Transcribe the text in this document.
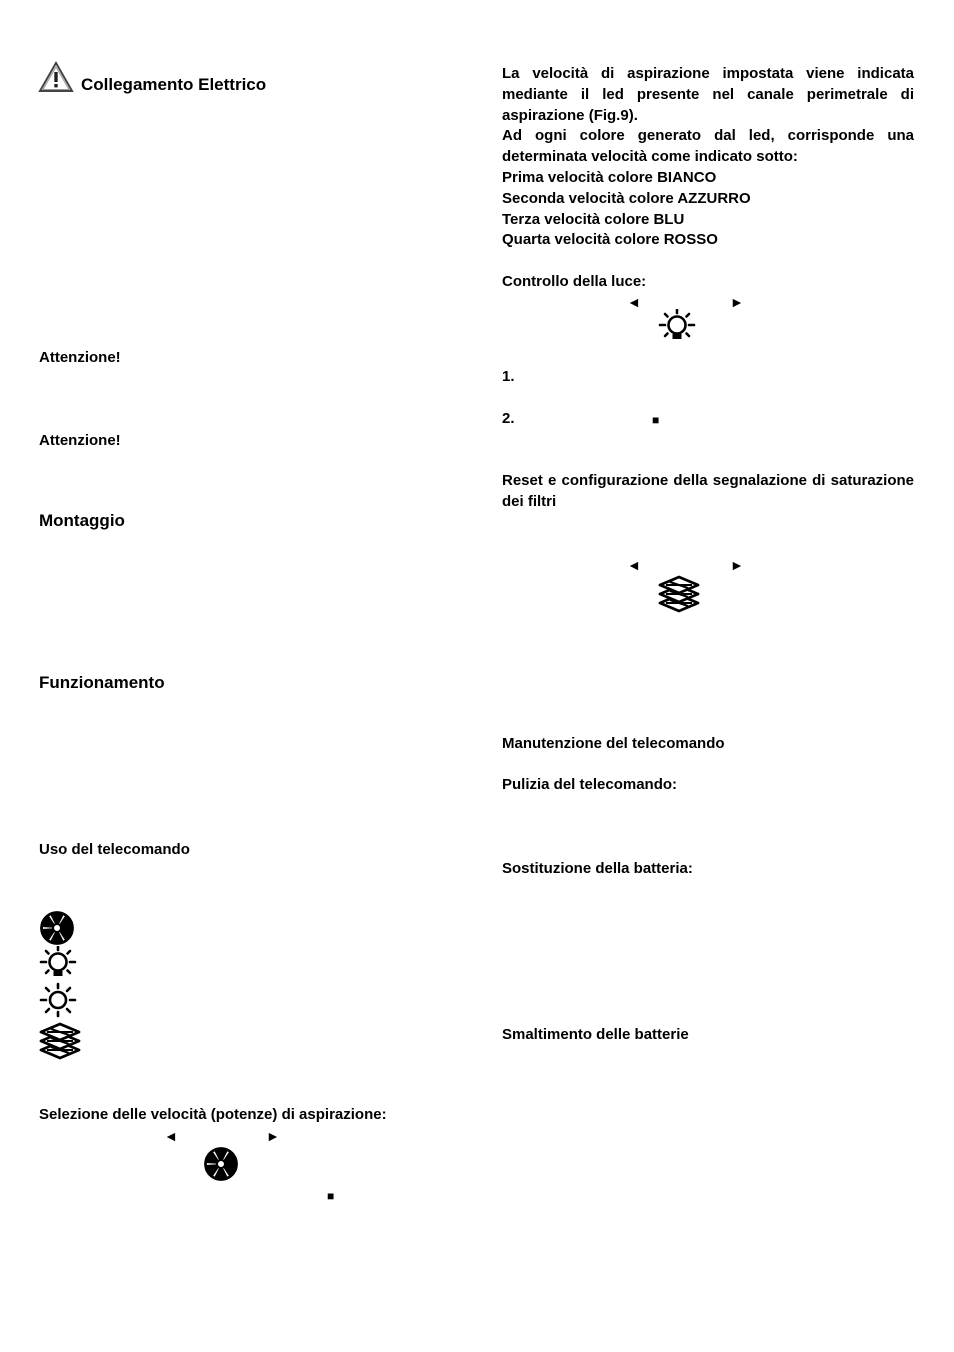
Collegamento Elettrico
Attenzione!
Attenzione!
Montaggio
Funzionamento
Uso del telecomando
Selezione delle velocità (potenze) di aspirazione:
◄	►
■
La velocità di aspirazione impostata viene indicata
mediante il led presente nel canale perimetrale di
aspirazione (Fig.9).
Ad ogni colore generato dal led, corrisponde una
determinata velocità come indicato sotto:
Prima velocità colore BIANCO
Seconda velocità colore AZZURRO
Terza velocità colore BLU
Quarta velocità colore ROSSO
Controllo della luce:
◄	►
1.
2.	■
Reset e configurazione della segnalazione di saturazione
dei filtri
◄	►
Manutenzione del telecomando
Pulizia del telecomando:
Sostituzione della batteria:
Smaltimento delle batterie
